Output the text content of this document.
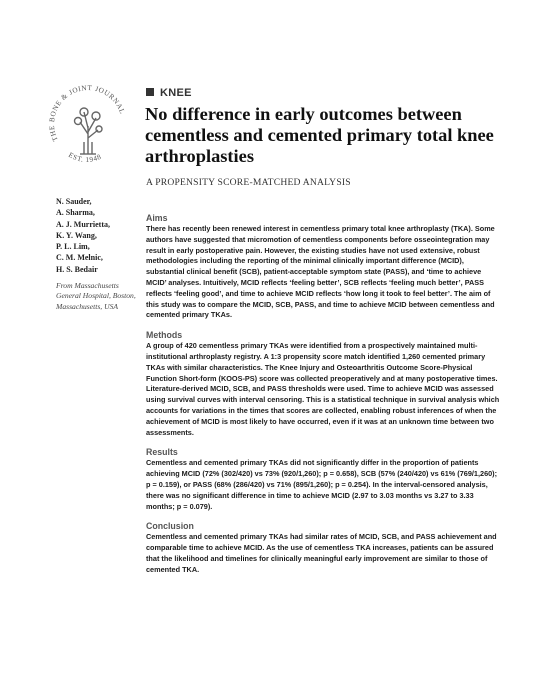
THE BONE & JOINT JOURNAL
EST. 1948
N. Sauder,
A. Sharma,
A. J. Murrietta,
K. Y. Wang,
P. L. Lim,
C. M. Melnic,
H. S. Bedair
From Massachusetts General Hospital, Boston, Massachusetts, USA
KNEE
No difference in early outcomes between cementless and cemented primary total knee arthroplasties
A PROPENSITY SCORE-MATCHED ANALYSIS
Aims
There has recently been renewed interest in cementless primary total knee arthroplasty (TKA). Some authors have suggested that micromotion of cementless components before osseointegration may result in early postoperative pain. However, the existing studies have not used extensive, robust methodologies including the reporting of the minimal clinically important difference (MCID), substantial clinical benefit (SCB), patient-acceptable symptom state (PASS), and ‘time to achieve MCID’ analyses. Intuitively, MCID reflects ‘feeling better’, SCB reflects ‘feeling much better’, PASS reflects ‘feeling good’, and time to achieve MCID reflects ‘how long it took to feel better’. The aim of this study was to compare the MCID, SCB, PASS, and time to achieve MCID between cementless and cemented primary TKAs.
Methods
A group of 420 cementless primary TKAs were identified from a prospectively maintained multi-institutional arthroplasty registry. A 1:3 propensity score match identified 1,260 cemented primary TKAs with similar characteristics. The Knee Injury and Osteoarthritis Outcome Score-Physical Function Short-form (KOOS-PS) score was collected preoperatively and at many postoperative times. Literature-derived MCID, SCB, and PASS thresholds were used. Time to achieve MCID was assessed using survival curves with interval censoring. This is a statistical technique in survival analysis which accounts for variations in the times that scores are collected, enabling robust inferences of when the achievement of MCID is most likely to have occurred, even if it was at an unknown time between two assessments.
Results
Cementless and cemented primary TKAs did not significantly differ in the proportion of patients achieving MCID (72% (302/420) vs 73% (920/1,260); p = 0.658), SCB (57% (240/420) vs 61% (769/1,260); p = 0.159), or PASS (68% (286/420) vs 71% (895/1,260); p = 0.254). In the interval-censored analysis, there was no significant difference in time to achieve MCID (2.97 to 3.03 months vs 3.27 to 3.33 months; p = 0.079).
Conclusion
Cementless and cemented primary TKAs had similar rates of MCID, SCB, and PASS achievement and comparable time to achieve MCID. As the use of cementless TKA increases, patients can be assured that the likelihood and timelines for clinically meaningful early improvement are similar to those of cemented TKA.
